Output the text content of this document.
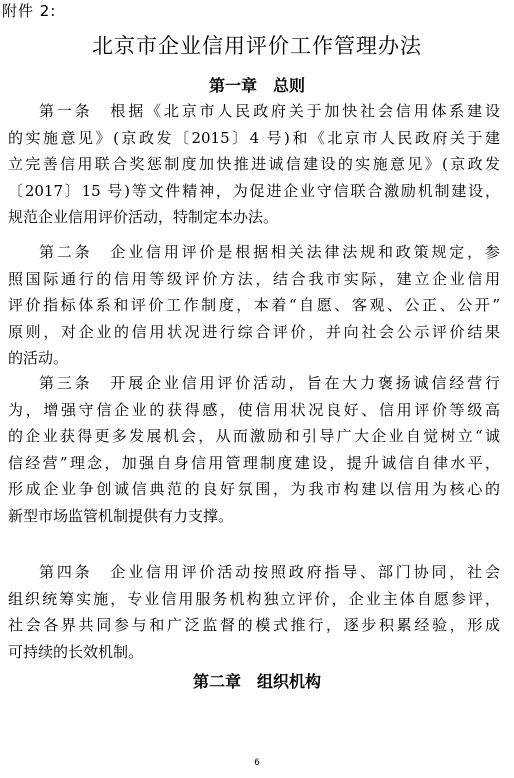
附件 2:
北京市企业信用评价工作管理办法
第一章 总则
第一条　根据《北京市人民政府关于加快社会信用体系建设
的实施意见》(京政发〔2015〕4 号)和《北京市人民政府关于建
立完善信用联合奖惩制度加快推进诚信建设的实施意见》(京政发
〔2017〕15 号)等文件精神，为促进企业守信联合激励机制建设，
规范企业信用评价活动，特制定本办法。
第二条　企业信用评价是根据相关法律法规和政策规定，参
照国际通行的信用等级评价方法，结合我市实际，建立企业信用
评价指标体系和评价工作制度，本着“自愿、客观、公正、公开”
原则，对企业的信用状况进行综合评价，并向社会公示评价结果
的活动。
第三条　开展企业信用评价活动，旨在大力褒扬诚信经营行
为，增强守信企业的获得感，使信用状况良好、信用评价等级高
的企业获得更多发展机会，从而激励和引导广大企业自觉树立“诚
信经营”理念，加强自身信用管理制度建设，提升诚信自律水平，
形成企业争创诚信典范的良好氛围，为我市构建以信用为核心的
新型市场监管机制提供有力支撑。
第四条　企业信用评价活动按照政府指导、部门协同，社会
组织统筹实施，专业信用服务机构独立评价，企业主体自愿参评，
社会各界共同参与和广泛监督的模式推行，逐步积累经验，形成
可持续的长效机制。
第二章 组织机构
6
